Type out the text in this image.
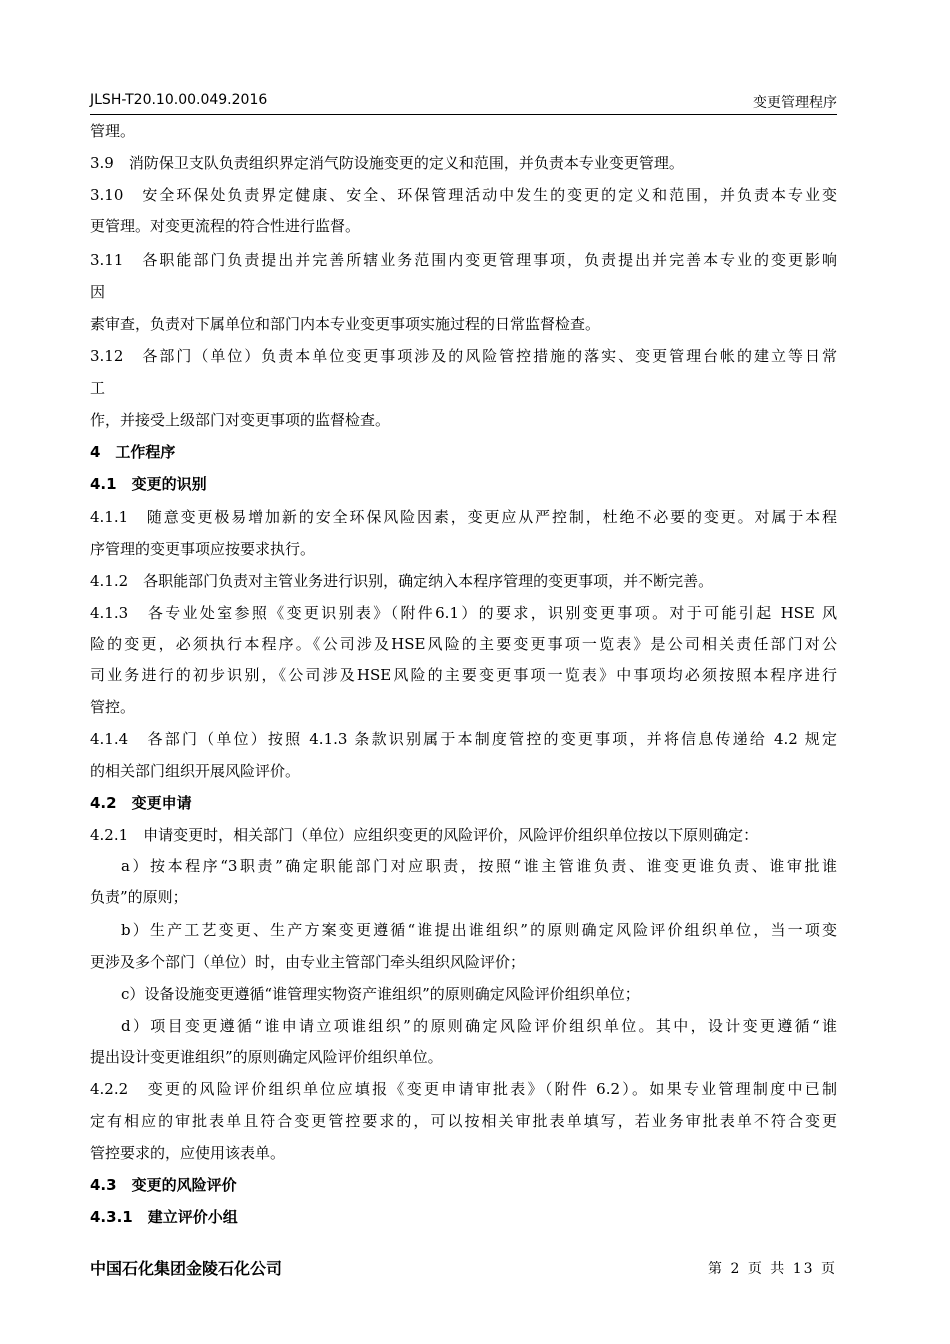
JLSH-T20.10.00.049.2016	变更管理程序
管理。
3.9　消防保卫支队负责组织界定消气防设施变更的定义和范围，并负责本专业变更管理。
3.10　安全环保处负责界定健康、安全、环保管理活动中发生的变更的定义和范围，并负责本专业变
更管理。对变更流程的符合性进行监督。
3.11　各职能部门负责提出并完善所辖业务范围内变更管理事项，负责提出并完善本专业的变更影响
因
素审查，负责对下属单位和部门内本专业变更事项实施过程的日常监督检查。
3.12　各部门（单位）负责本单位变更事项涉及的风险管控措施的落实、变更管理台帐的建立等日常
工
作，并接受上级部门对变更事项的监督检查。
4　工作程序
4.1　变更的识别
4.1.1　随意变更极易增加新的安全环保风险因素，变更应从严控制，杜绝不必要的变更。对属于本程
序管理的变更事项应按要求执行。
4.1.2　各职能部门负责对主管业务进行识别，确定纳入本程序管理的变更事项，并不断完善。
4.1.3　各专业处室参照《变更识别表》（附件6.1）的要求，识别变更事项。对于可能引起 HSE 风
险的变更，必须执行本程序。《公司涉及HSE风险的主要变更事项一览表》是公司相关责任部门对公
司业务进行的初步识别，《公司涉及HSE风险的主要变更事项一览表》中事项均必须按照本程序进行
管控。
4.1.4　各部门（单位）按照 4.1.3 条款识别属于本制度管控的变更事项，并将信息传递给 4.2 规定
的相关部门组织开展风险评价。
4.2　变更申请
4.2.1　申请变更时，相关部门（单位）应组织变更的风险评价，风险评价组织单位按以下原则确定：
a）按本程序“3职责”确定职能部门对应职责，按照“谁主管谁负责、谁变更谁负责、谁审批谁
负责”的原则；
b）生产工艺变更、生产方案变更遵循“谁提出谁组织”的原则确定风险评价组织单位，当一项变
更涉及多个部门（单位）时，由专业主管部门牵头组织风险评价；
c）设备设施变更遵循“谁管理实物资产谁组织”的原则确定风险评价组织单位；
d）项目变更遵循“谁申请立项谁组织”的原则确定风险评价组织单位。其中，设计变更遵循“谁
提出设计变更谁组织”的原则确定风险评价组织单位。
4.2.2　变更的风险评价组织单位应填报《变更申请审批表》（附件 6.2）。如果专业管理制度中已制
定有相应的审批表单且符合变更管控要求的，可以按相关审批表单填写，若业务审批表单不符合变更
管控要求的，应使用该表单。
4.3　变更的风险评价
4.3.1　建立评价小组
中国石化集团金陵石化公司	第 2 页 共 13 页
